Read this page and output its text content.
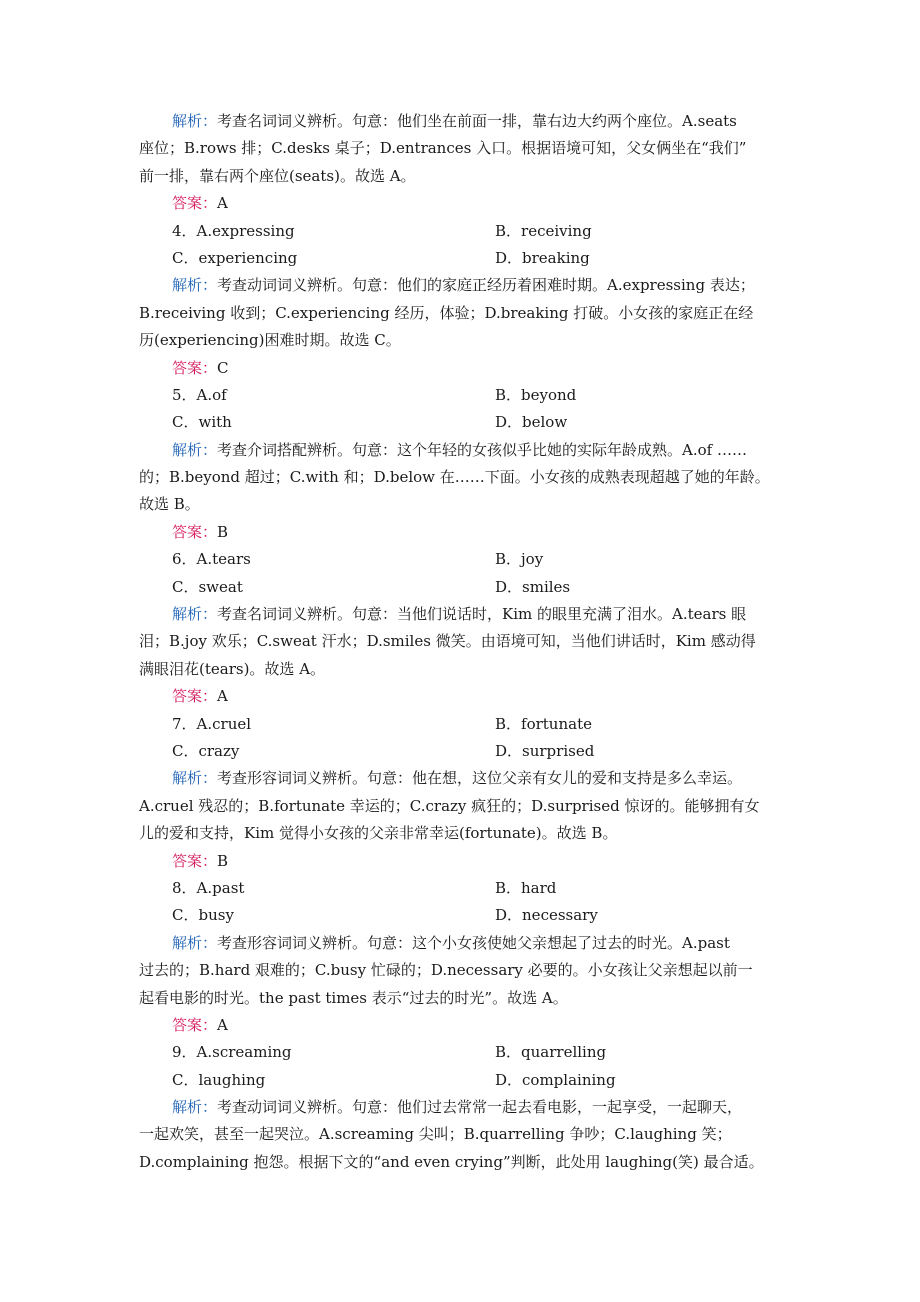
解析：考查名词词义辨析。句意：他们坐在前面一排，靠右边大约两个座位。A.seats
座位；B.rows 排；C.desks 桌子；D.entrances 入口。根据语境可知，父女俩坐在“我们”
前一排，靠右两个座位(seats)。故选 A。
答案：A
4．A.expressing	B．receiving
C．experiencing	D．breaking
解析：考查动词词义辨析。句意：他们的家庭正经历着困难时期。A.expressing 表达；
B.receiving 收到；C.experiencing 经历，体验；D.breaking 打破。小女孩的家庭正在经
历(experiencing)困难时期。故选 C。
答案：C
5．A.of	B．beyond
C．with	D．below
解析：考查介词搭配辨析。句意：这个年轻的女孩似乎比她的实际年龄成熟。A.of ……
的；B.beyond 超过；C.with 和；D.below 在……下面。小女孩的成熟表现超越了她的年龄。
故选 B。
答案：B
6．A.tears	B．joy
C．sweat	D．smiles
解析：考查名词词义辨析。句意：当他们说话时，Kim 的眼里充满了泪水。A.tears 眼
泪；B.joy 欢乐；C.sweat 汗水；D.smiles 微笑。由语境可知，当他们讲话时，Kim 感动得
满眼泪花(tears)。故选 A。
答案：A
7．A.cruel	B．fortunate
C．crazy	D．surprised
解析：考查形容词词义辨析。句意：他在想，这位父亲有女儿的爱和支持是多么幸运。
A.cruel 残忍的；B.fortunate 幸运的；C.crazy 疯狂的；D.surprised 惊讶的。能够拥有女
儿的爱和支持，Kim 觉得小女孩的父亲非常幸运(fortunate)。故选 B。
答案：B
8．A.past	B．hard
C．busy	D．necessary
解析：考查形容词词义辨析。句意：这个小女孩使她父亲想起了过去的时光。A.past
过去的；B.hard 艰难的；C.busy 忙碌的；D.necessary 必要的。小女孩让父亲想起以前一
起看电影的时光。the past times 表示“过去的时光”。故选 A。
答案：A
9．A.screaming	B．quarrelling
C．laughing	D．complaining
解析：考查动词词义辨析。句意：他们过去常常一起去看电影，一起享受，一起聊天，
一起欢笑，甚至一起哭泣。A.screaming 尖叫；B.quarrelling 争吵；C.laughing 笑；
D.complaining 抱怨。根据下文的“and even crying”判断，此处用 laughing(笑) 最合适。
